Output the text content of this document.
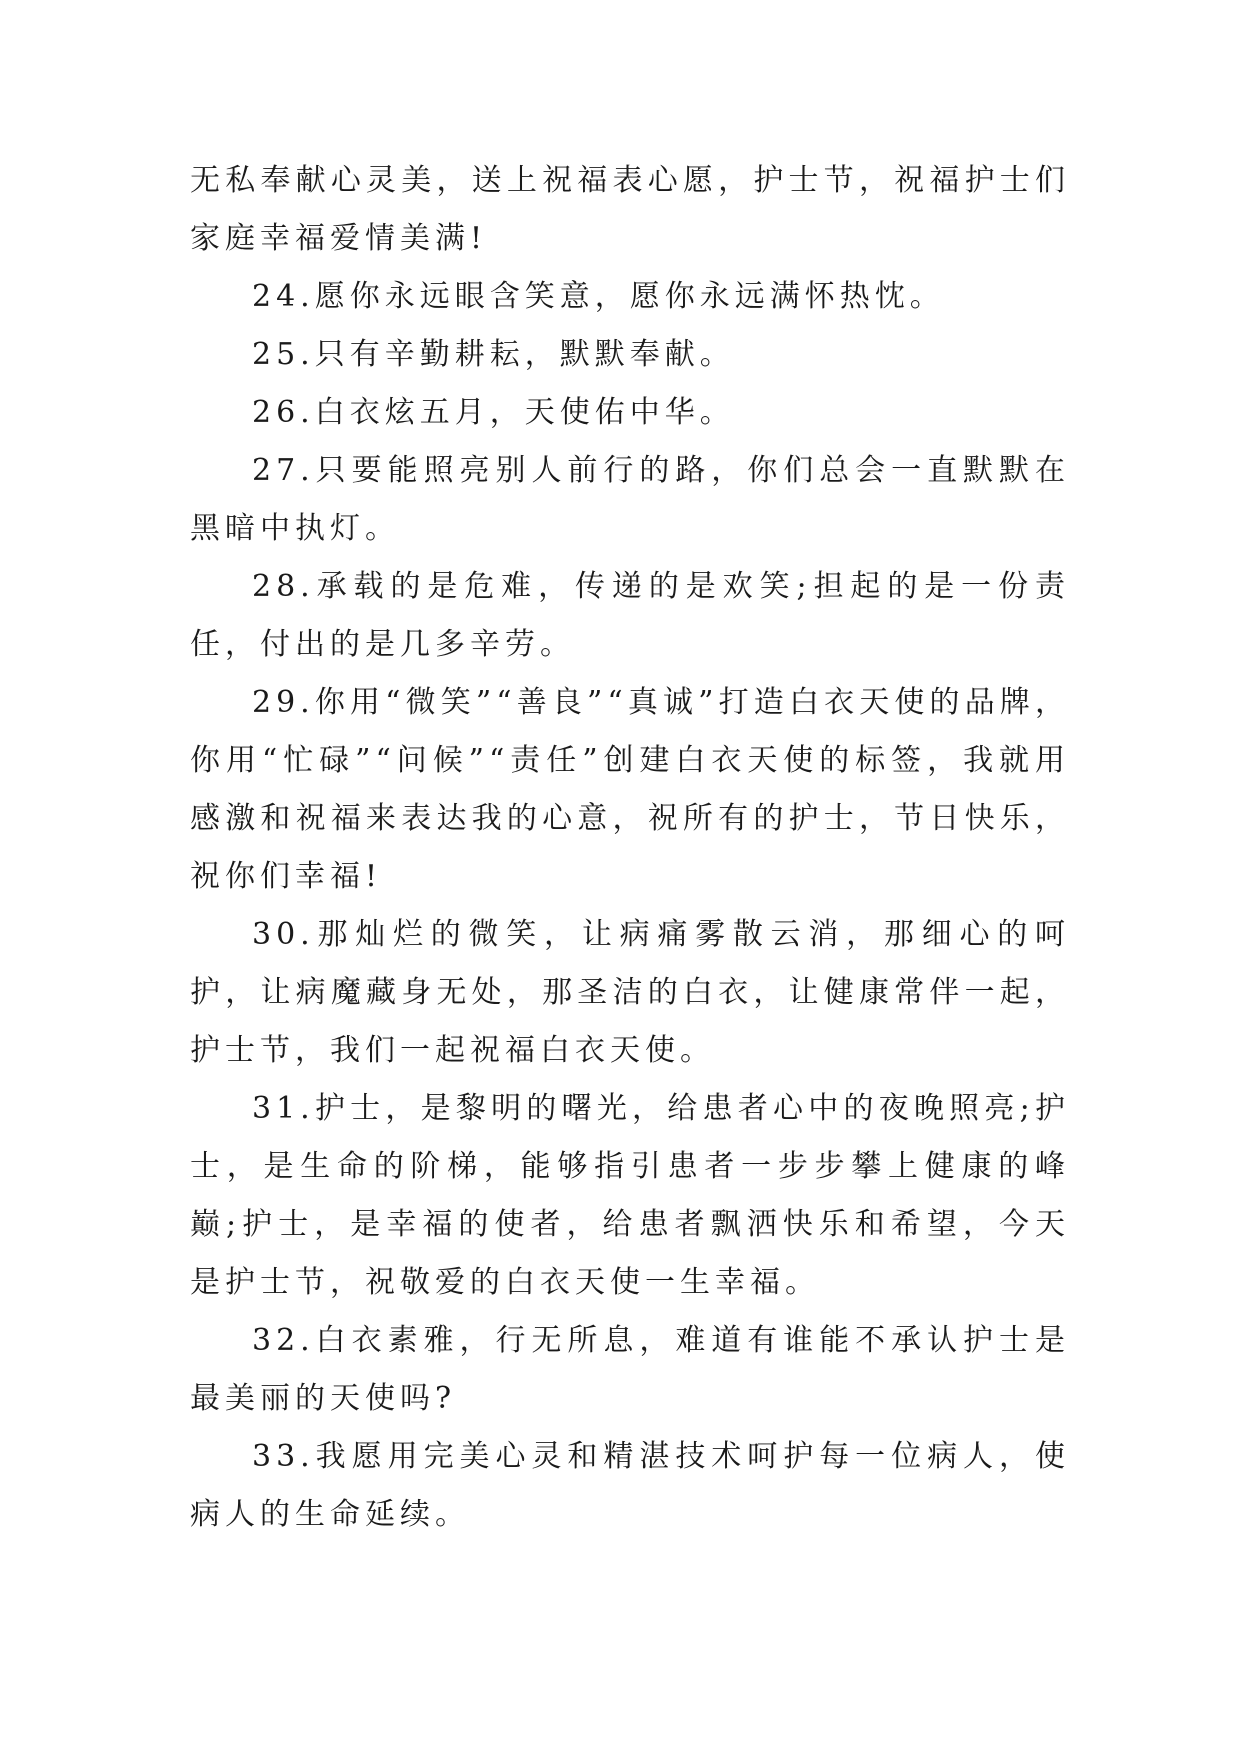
无私奉献心灵美，送上祝福表心愿，护士节，祝福护士们家庭幸福爱情美满!

24.愿你永远眼含笑意，愿你永远满怀热忱。

25.只有辛勤耕耘，默默奉献。

26.白衣炫五月，天使佑中华。

27.只要能照亮别人前行的路，你们总会一直默默在黑暗中执灯。

28.承载的是危难，传递的是欢笑;担起的是一份责任，付出的是几多辛劳。

29.你用“微笑”“善良”“真诚”打造白衣天使的品牌，你用“忙碌”“问候”“责任”创建白衣天使的标签，我就用感激和祝福来表达我的心意，祝所有的护士，节日快乐，祝你们幸福!

30.那灿烂的微笑，让病痛雾散云消，那细心的呵护，让病魔藏身无处，那圣洁的白衣，让健康常伴一起，护士节，我们一起祝福白衣天使。

31.护士，是黎明的曙光，给患者心中的夜晚照亮;护士，是生命的阶梯，能够指引患者一步步攀上健康的峰巅;护士，是幸福的使者，给患者飘洒快乐和希望，今天是护士节，祝敬爱的白衣天使一生幸福。

32.白衣素雅，行无所息，难道有谁能不承认护士是最美丽的天使吗?

33.我愿用完美心灵和精湛技术呵护每一位病人，使病人的生命延续。
